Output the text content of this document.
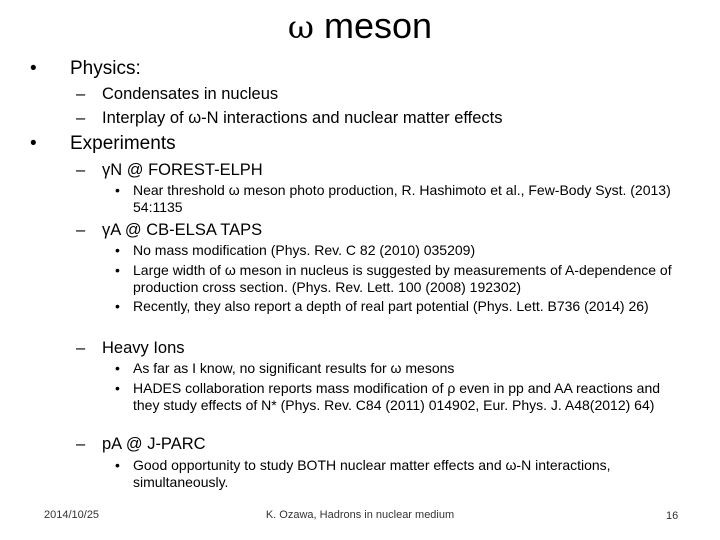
ω meson
• Physics:
– Condensates in nucleus
– Interplay of ω-N interactions and nuclear matter effects
• Experiments
– γN @ FOREST-ELPH
• Near threshold ω meson photo production, R. Hashimoto et al., Few-Body Syst. (2013) 54:1135
– γA @ CB-ELSA TAPS
• No mass modification (Phys. Rev. C 82 (2010) 035209)
• Large width of ω meson in nucleus is suggested by measurements of A-dependence of production cross section. (Phys. Rev. Lett. 100 (2008) 192302)
• Recently, they also report a depth of real part potential (Phys. Lett. B736 (2014) 26)
– Heavy Ions
• As far as I know, no significant results for ω mesons
• HADES collaboration reports mass modification of ρ even in pp and AA reactions and they study effects of N* (Phys. Rev. C84 (2011) 014902, Eur. Phys. J. A48(2012) 64)
– pA @ J-PARC
• Good opportunity to study BOTH nuclear matter effects and ω-N interactions, simultaneously.
2014/10/25	K. Ozawa, Hadrons in nuclear medium	16
